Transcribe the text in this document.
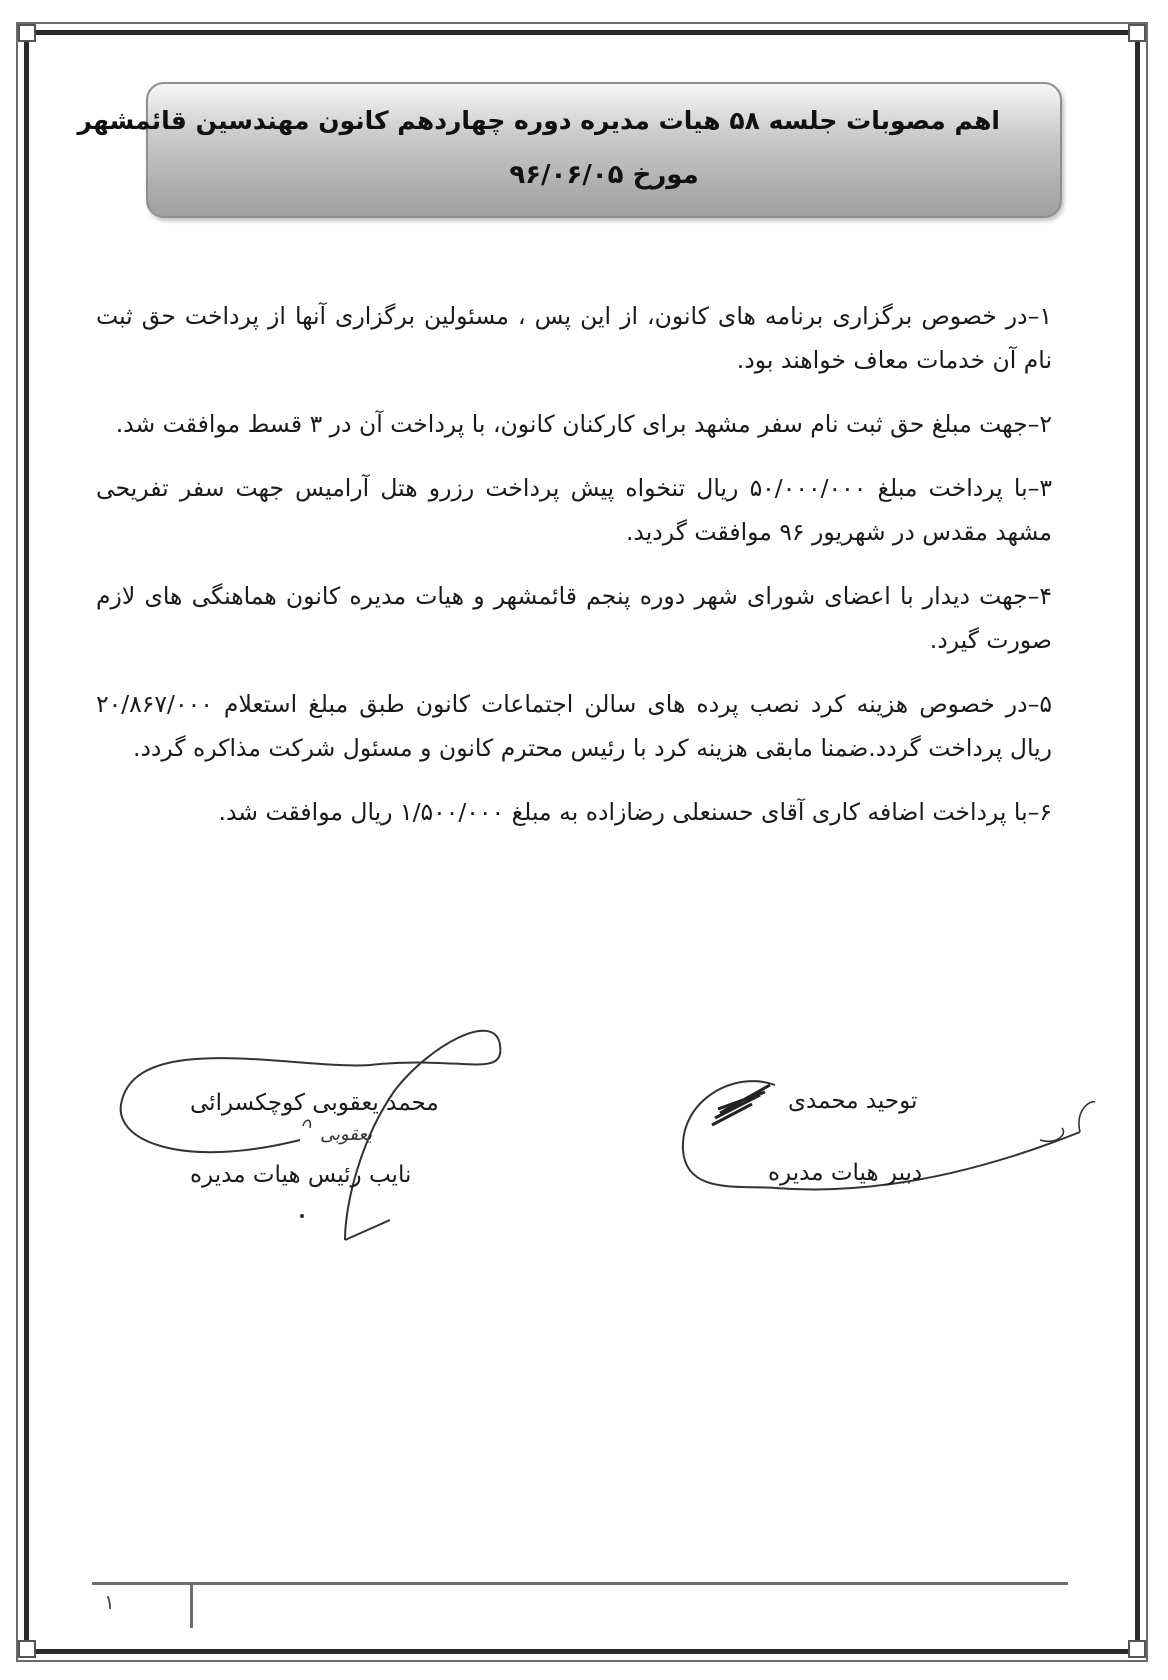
اهم مصوبات جلسه ۵۸ هیات مدیره دوره چهاردهم کانون مهندسین قائمشهر
مورخ ۹۶/۰۶/۰۵

۱–در خصوص برگزاری برنامه های کانون، از این پس ، مسئولین برگزاری آنها از پرداخت حق ثبت نام آن خدمات معاف خواهند بود.

۲–جهت مبلغ حق ثبت نام سفر مشهد برای کارکنان کانون، با پرداخت آن در ۳ قسط موافقت شد.

۳–با پرداخت مبلغ ۵۰/۰۰۰/۰۰۰ ریال تنخواه پیش پرداخت رزرو هتل آرامیس جهت سفر تفریحی مشهد مقدس در شهریور ۹۶ موافقت گردید.

۴–جهت دیدار با اعضای شورای شهر دوره پنجم قائمشهر و هیات مدیره کانون هماهنگی های لازم صورت گیرد.

۵–در خصوص هزینه کرد نصب پرده های سالن اجتماعات کانون طبق مبلغ استعلام ۲۰/۸۶۷/۰۰۰ ریال پرداخت گردد.ضمنا مابقی هزینه کرد با رئیس محترم کانون و مسئول شرکت مذاکره گردد.

۶–با پرداخت اضافه کاری آقای حسنعلی رضازاده به مبلغ ۱/۵۰۰/۰۰۰ ریال موافقت شد.

توحید محمدی
دبیر هیات مدیره
محمد یعقوبی کوچکسرائی
نایب رئیس هیات مدیره
یعقوبی
۱
